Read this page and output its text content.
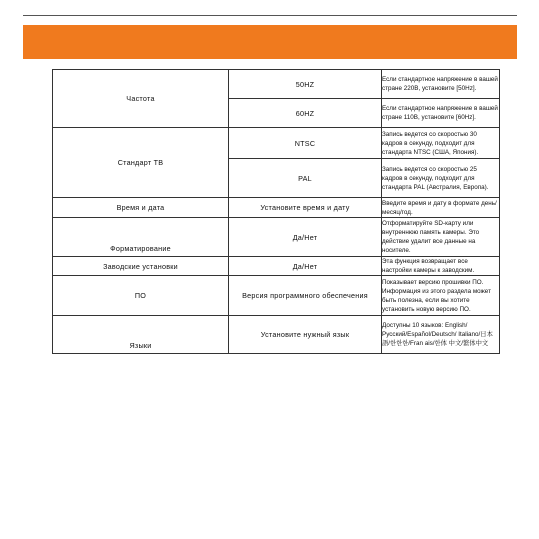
Частота	50HZ	Если стандартное напряжение в вашей стране 220В, установите [50Hz].
	60HZ	Если стандартное напряжение в вашей стране 110В, установите [60Hz].
Стандарт ТВ	NTSC	Запись ведется со скоростью 30 кадров в секунду, подходит для стандарта NTSC (США, Япония).
	PAL	Запись ведется со скоростью 25 кадров в секунду, подходит для стандарта PAL (Австралия, Европа).
Время и дата	Установите время и дату	Введите время и дату в формате день/месяц/год.
Форматирование	Да/Нет	Отформатируйте SD-карту или внутреннюю память камеры. Это действие удалит все данные на носителе.
Заводские установки	Да/Нет	Эта функция возвращает все настройки камеры к заводским.
ПО	Версия программного обеспечения	Показывает версию прошивки ПО. Информация из этого раздела может быть полезна, если вы хотите установить новую версию ПО.
Языки	Установите нужный язык	Доступны 10 языков: English/Русский/Español/Deutsch/ Italiano/日本語/한한한/Fran ais/한体 中文/繁体中文
